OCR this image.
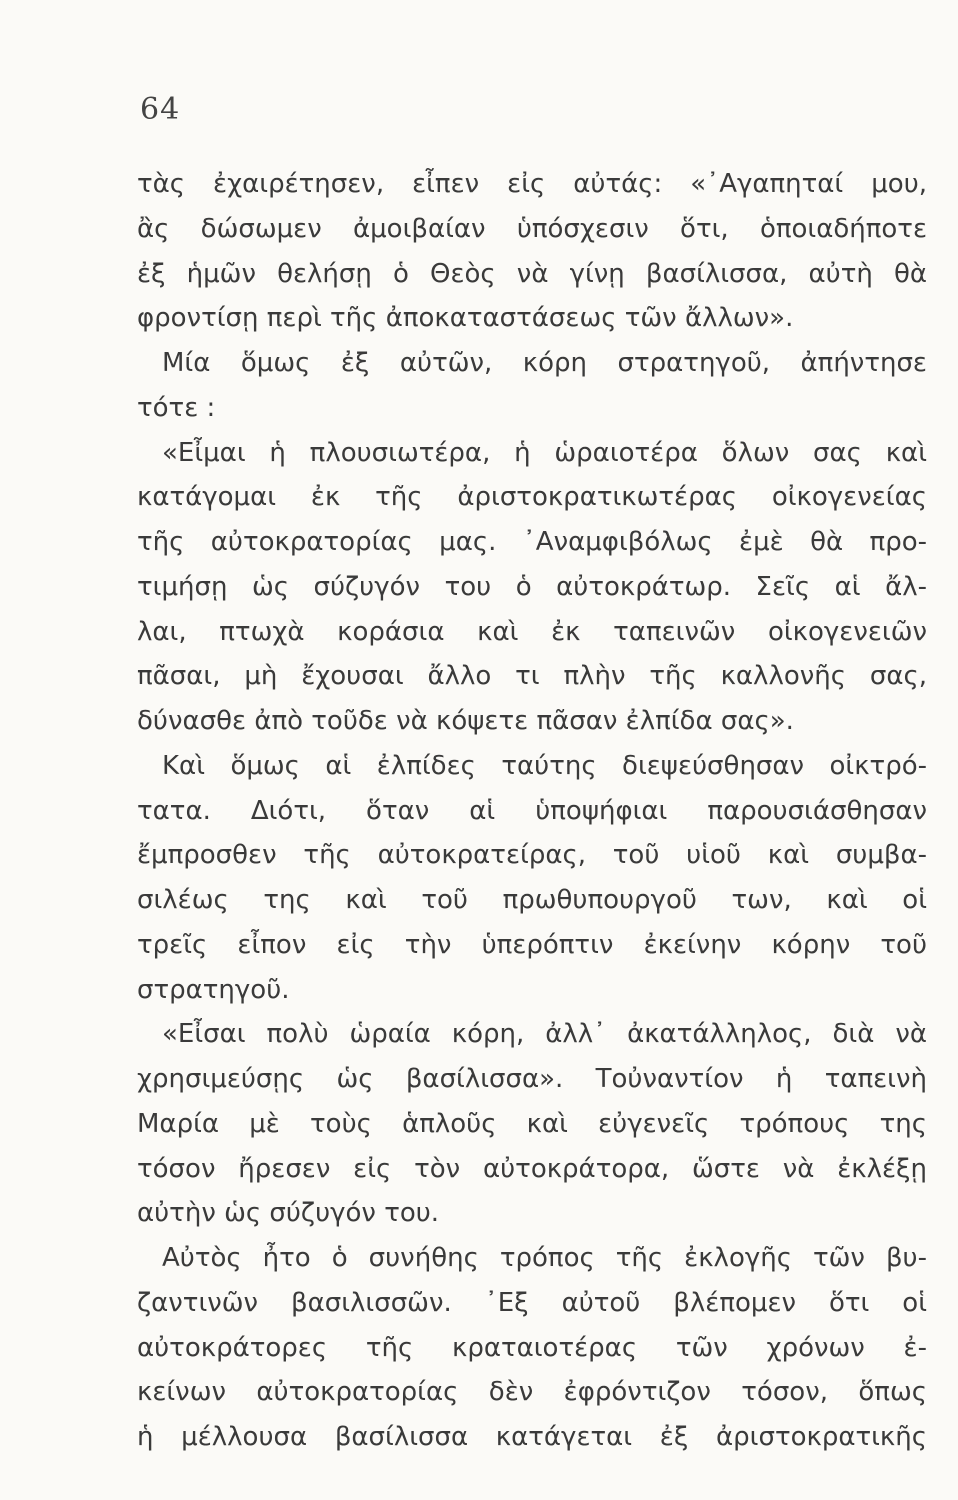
64
τὰς ἐχαιρέτησεν, εἶπεν εἰς αὐτάς: «᾿Αγαπηταί μου,
ἂς δώσωμεν ἀμοιβαίαν ὑπόσχεσιν ὅτι, ὁποιαδήποτε
ἐξ ἡμῶν θελήσῃ ὁ Θεὸς νὰ γίνῃ βασίλισσα, αὐτὴ θὰ
φροντίσῃ περὶ τῆς ἀποκαταστάσεως τῶν ἄλλων».
Μία ὅμως ἐξ αὐτῶν, κόρη στρατηγοῦ, ἀπήντησε
τότε :
«Εἶμαι ἡ πλουσιωτέρα, ἡ ὡραιοτέρα ὅλων σας καὶ
κατάγομαι ἐκ τῆς ἀριστοκρατικωτέρας οἰκογενείας
τῆς αὐτοκρατορίας μας. ᾿Αναμφιβόλως ἐμὲ θὰ προ-
τιμήσῃ ὡς σύζυγόν του ὁ αὐτοκράτωρ. Σεῖς αἱ ἄλ-
λαι, πτωχὰ κοράσια καὶ ἐκ ταπεινῶν οἰκογενειῶν
πᾶσαι, μὴ ἔχουσαι ἄλλο τι πλὴν τῆς καλλονῆς σας,
δύνασθε ἀπὸ τοῦδε νὰ κόψετε πᾶσαν ἐλπίδα σας».
Καὶ ὅμως αἱ ἐλπίδες ταύτης διεψεύσθησαν οἰκτρό-
τατα. Διότι, ὅταν αἱ ὑποψήφιαι παρουσιάσθησαν
ἔμπροσθεν τῆς αὐτοκρατείρας, τοῦ υἱοῦ καὶ συμβα-
σιλέως της καὶ τοῦ πρωθυπουργοῦ των, καὶ οἱ
τρεῖς εἶπον εἰς τὴν ὑπερόπτιν ἐκείνην κόρην τοῦ
στρατηγοῦ.
«Εἶσαι πολὺ ὡραία κόρη, ἀλλ᾿ ἀκατάλληλος, διὰ νὰ
χρησιμεύσῃς ὡς βασίλισσα». Τοὐναντίον ἡ ταπεινὴ
Μαρία μὲ τοὺς ἁπλοῦς καὶ εὐγενεῖς τρόπους της
τόσον ἤρεσεν εἰς τὸν αὐτοκράτορα, ὥστε νὰ ἐκλέξῃ
αὐτὴν ὡς σύζυγόν του.
Αὐτὸς ἦτο ὁ συνήθης τρόπος τῆς ἐκλογῆς τῶν βυ-
ζαντινῶν βασιλισσῶν. ᾿Εξ αὐτοῦ βλέπομεν ὅτι οἱ
αὐτοκράτορες τῆς κραταιοτέρας τῶν χρόνων ἐ-
κείνων αὐτοκρατορίας δὲν ἐφρόντιζον τόσον, ὅπως
ἡ μέλλουσα βασίλισσα κατάγεται ἐξ ἀριστοκρατικῆς
